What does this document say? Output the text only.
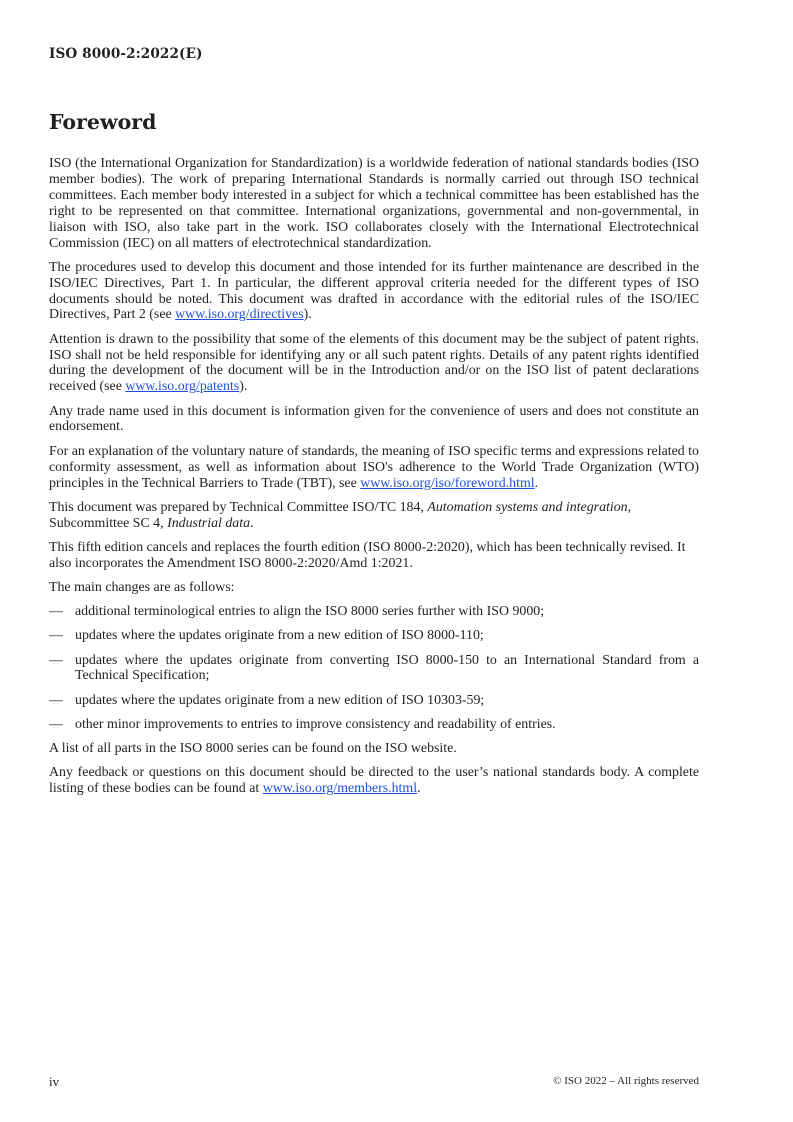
ISO 8000-2:2022(E)
Foreword

ISO (the International Organization for Standardization) is a worldwide federation of national standards bodies (ISO member bodies). The work of preparing International Standards is normally carried out through ISO technical committees. Each member body interested in a subject for which a technical committee has been established has the right to be represented on that committee. International organizations, governmental and non-governmental, in liaison with ISO, also take part in the work. ISO collaborates closely with the International Electrotechnical Commission (IEC) on all matters of electrotechnical standardization.

The procedures used to develop this document and those intended for its further maintenance are described in the ISO/IEC Directives, Part 1. In particular, the different approval criteria needed for the different types of ISO documents should be noted. This document was drafted in accordance with the editorial rules of the ISO/IEC Directives, Part 2 (see www.iso.org/directives).

Attention is drawn to the possibility that some of the elements of this document may be the subject of patent rights. ISO shall not be held responsible for identifying any or all such patent rights. Details of any patent rights identified during the development of the document will be in the Introduction and/or on the ISO list of patent declarations received (see www.iso.org/patents).

Any trade name used in this document is information given for the convenience of users and does not constitute an endorsement.

For an explanation of the voluntary nature of standards, the meaning of ISO specific terms and expressions related to conformity assessment, as well as information about ISO's adherence to the World Trade Organization (WTO) principles in the Technical Barriers to Trade (TBT), see www.iso.org/iso/foreword.html.

This document was prepared by Technical Committee ISO/TC 184, Automation systems and integration, Subcommittee SC 4, Industrial data.

This fifth edition cancels and replaces the fourth edition (ISO 8000-2:2020), which has been technically revised. It also incorporates the Amendment ISO 8000-2:2020/Amd 1:2021.

The main changes are as follows:

— additional terminological entries to align the ISO 8000 series further with ISO 9000;
— updates where the updates originate from a new edition of ISO 8000-110;
— updates where the updates originate from converting ISO 8000-150 to an International Standard from a Technical Specification;
— updates where the updates originate from a new edition of ISO 10303-59;
— other minor improvements to entries to improve consistency and readability of entries.

A list of all parts in the ISO 8000 series can be found on the ISO website.

Any feedback or questions on this document should be directed to the user’s national standards body. A complete listing of these bodies can be found at www.iso.org/members.html.

iv	© ISO 2022 – All rights reserved
